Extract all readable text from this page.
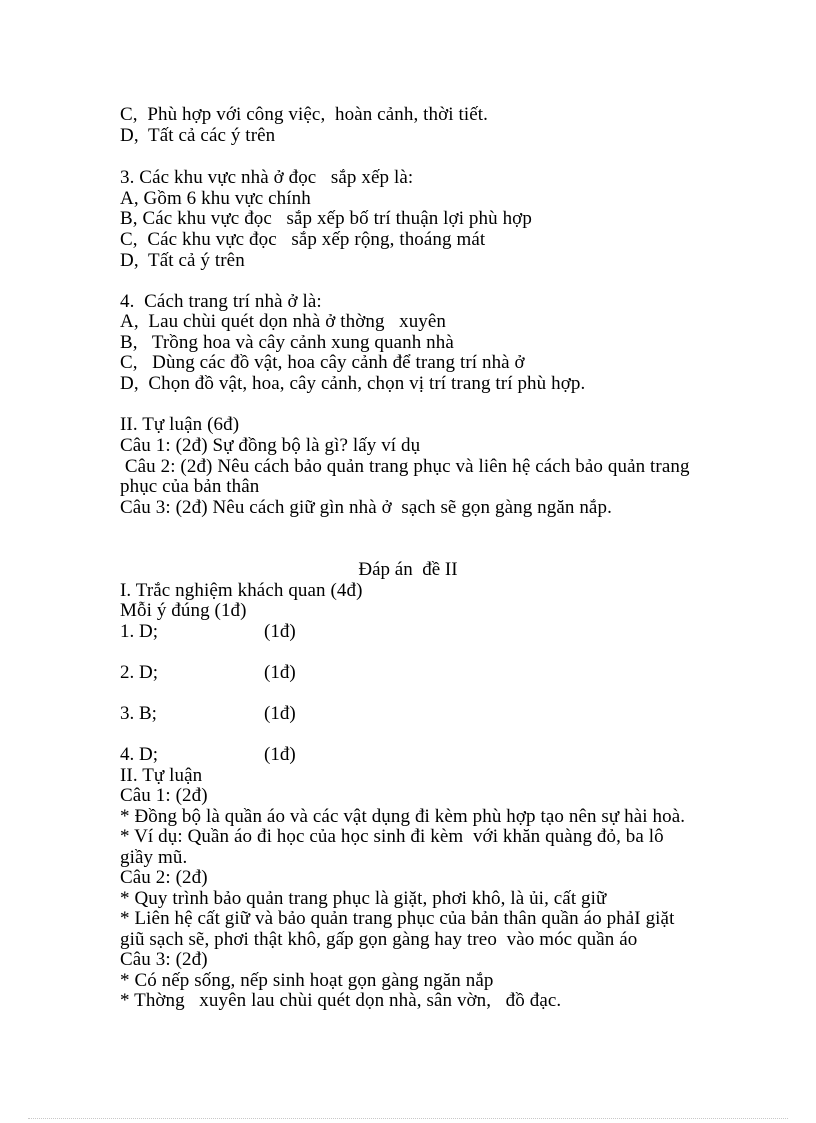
C,  Phù hợp với công việc,  hoàn cảnh, thời tiết.
D,  Tất cả các ý trên
3. Các khu vực nhà ở đọc   sắp xếp là:
A, Gồm 6 khu vực chính
B, Các khu vực đọc   sắp xếp bố trí thuận lợi phù hợp
C,  Các khu vực đọc   sắp xếp rộng, thoáng mát
D,  Tất cả ý trên
4.  Cách trang trí nhà ở là:
A,  Lau chùi quét dọn nhà ở thờng   xuyên
B,   Trồng hoa và cây cảnh xung quanh nhà
C,   Dùng các đồ vật, hoa cây cảnh để trang trí nhà ở
D,  Chọn đồ vật, hoa, cây cảnh, chọn vị trí trang trí phù hợp.
II. Tự luận (6đ)
Câu 1: (2đ) Sự đồng bộ là gì? lấy ví dụ
Câu 2: (2đ) Nêu cách bảo quản trang phục và liên hệ cách bảo quản trang
phục của bản thân
Câu 3: (2đ) Nêu cách giữ gìn nhà ở  sạch sẽ gọn gàng ngăn nắp.
Đáp án  đề II
I. Trắc nghiệm khách quan (4đ)
Mỗi ý đúng (1đ)
1. D;	(1đ)
2. D;	(1đ)
3. B;	(1đ)
4. D;	(1đ)
II. Tự luận
Câu 1: (2đ)
* Đồng bộ là quần áo và các vật dụng đi kèm phù hợp tạo nên sự hài hoà.
* Ví dụ: Quần áo đi học của học sinh đi kèm  với khăn quàng đỏ, ba lô
giầy mũ.
Câu 2: (2đ)
* Quy trình bảo quản trang phục là giặt, phơi khô, là ủi, cất giữ
* Liên hệ cất giữ và bảo quản trang phục của bản thân quần áo phảI giặt
giũ sạch sẽ, phơi thật khô, gấp gọn gàng hay treo  vào móc quần áo
Câu 3: (2đ)
* Có nếp sống, nếp sinh hoạt gọn gàng ngăn nắp
* Thờng   xuyên lau chùi quét dọn nhà, sân vờn,   đồ đạc.
